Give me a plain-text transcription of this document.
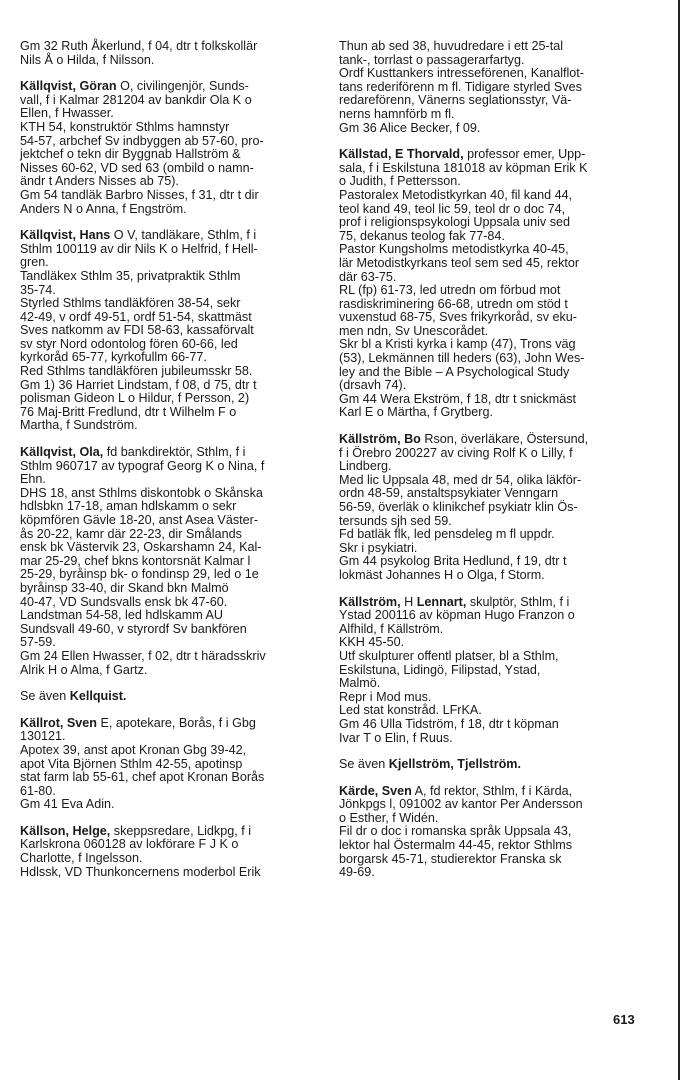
Gm 32 Ruth Åkerlund, f 04, dtr t folkskollär
Nils Å o Hilda, f Nilsson.
Källqvist, Göran O, civilingenjör, Sunds-
vall, f i Kalmar 281204 av bankdir Ola K o
Ellen, f Hwasser.
KTH 54, konstruktör Sthlms hamnstyr
54-57, arbchef Sv indbyggen ab 57-60, pro-
jektchef o tekn dir Byggnab Hallström &
Nisses 60-62, VD sed 63 (ombild o namn-
ändr t Anders Nisses ab 75).
Gm 54 tandläk Barbro Nisses, f 31, dtr t dir
Anders N o Anna, f Engström.
Källqvist, Hans O V, tandläkare, Sthlm, f i
Sthlm 100119 av dir Nils K o Helfrid, f Hell-
gren.
Tandläkex Sthlm 35, privatpraktik Sthlm
35-74.
Styrled Sthlms tandläkfören 38-54, sekr
42-49, v ordf 49-51, ordf 51-54, skattmäst
Sves natkomm av FDI 58-63, kassaförvalt
sv styr Nord odontolog fören 60-66, led
kyrkoråd 65-77, kyrkofullm 66-77.
Red Sthlms tandläkfören jubileumsskr 58.
Gm 1) 36 Harriet Lindstam, f 08, d 75, dtr t
polisman Gideon L o Hildur, f Persson, 2)
76 Maj-Britt Fredlund, dtr t Wilhelm F o
Martha, f Sundström.
Källqvist, Ola, fd bankdirektör, Sthlm, f i
Sthlm 960717 av typograf Georg K o Nina, f
Ehn.
DHS 18, anst Sthlms diskontobk o Skånska
hdlsbkn 17-18, aman hdlskamm o sekr
köpmfören Gävle 18-20, anst Asea Väster-
ås 20-22, kamr där 22-23, dir Smålands
ensk bk Västervik 23, Oskarshamn 24, Kal-
mar 25-29, chef bkns kontorsnät Kalmar l
25-29, byråinsp bk- o fondinsp 29, led o 1e
byråinsp 33-40, dir Skand bkn Malmö
40-47, VD Sundsvalls ensk bk 47-60.
Landstman 54-58, led hdlskamm AU
Sundsvall 49-60, v styrordf Sv bankfören
57-59.
Gm 24 Ellen Hwasser, f 02, dtr t häradsskriv
Alrik H o Alma, f Gartz.
Se även Kellquist.
Källrot, Sven E, apotekare, Borås, f i Gbg
130121.
Apotex 39, anst apot Kronan Gbg 39-42,
apot Vita Björnen Sthlm 42-55, apotinsp
stat farm lab 55-61, chef apot Kronan Borås
61-80.
Gm 41 Eva Adin.
Källson, Helge, skeppsredare, Lidkpg, f i
Karlskrona 060128 av lokförare F J K o
Charlotte, f Ingelsson.
Hdlssk, VD Thunkoncernens moderbol Erik
Thun ab sed 38, huvudredare i ett 25-tal
tank-, torrlast o passagerarfartyg.
Ordf Kusttankers intresseförenen, Kanalflot-
tans rederiförenn m fl. Tidigare styrled Sves
redareförenn, Vänerns seglationsstyr, Vä-
nerns hamnförb m fl.
Gm 36 Alice Becker, f 09.
Källstad, E Thorvald, professor emer, Upp-
sala, f i Eskilstuna 181018 av köpman Erik K
o Judith, f Pettersson.
Pastoralex Metodistkyrkan 40, fil kand 44,
teol kand 49, teol lic 59, teol dr o doc 74,
prof i religionspsykologi Uppsala univ sed
75, dekanus teolog fak 77-84.
Pastor Kungsholms metodistkyrka 40-45,
lär Metodistkyrkans teol sem sed 45, rektor
där 63-75.
RL (fp) 61-73, led utredn om förbud mot
rasdiskriminering 66-68, utredn om stöd t
vuxenstud 68-75, Sves frikyrkoråd, sv eku-
men ndn, Sv Unescorådet.
Skr bl a Kristi kyrka i kamp (47), Trons väg
(53), Lekmännen till heders (63), John Wes-
ley and the Bible – A Psychological Study
(drsavh 74).
Gm 44 Wera Ekström, f 18, dtr t snickmäst
Karl E o Märtha, f Grytberg.
Källström, Bo Rson, överläkare, Östersund,
f i Örebro 200227 av civing Rolf K o Lilly, f
Lindberg.
Med lic Uppsala 48, med dr 54, olika läkför-
ordn 48-59, anstaltspsykiater Venngarn
56-59, överläk o klinikchef psykiatr klin Ös-
tersunds sjh sed 59.
Fd batläk flk, led pensdeleg m fl uppdr.
Skr i psykiatri.
Gm 44 psykolog Brita Hedlund, f 19, dtr t
lokmäst Johannes H o Olga, f Storm.
Källström, H Lennart, skulptör, Sthlm, f i
Ystad 200116 av köpman Hugo Franzon o
Alfhild, f Källström.
KKH 45-50.
Utf skulpturer offentl platser, bl a Sthlm,
Eskilstuna, Lidingö, Filipstad, Ystad,
Malmö.
Repr i Mod mus.
Led stat konstråd. LFrKA.
Gm 46 Ulla Tidström, f 18, dtr t köpman
Ivar T o Elin, f Ruus.
Se även Kjellström, Tjellström.
Kärde, Sven A, fd rektor, Sthlm, f i Kärda,
Jönkpgs l, 091002 av kantor Per Andersson
o Esther, f Widén.
Fil dr o doc i romanska språk Uppsala 43,
lektor hal Östermalm 44-45, rektor Sthlms
borgarsk 45-71, studierektor Franska sk
49-69.
613
